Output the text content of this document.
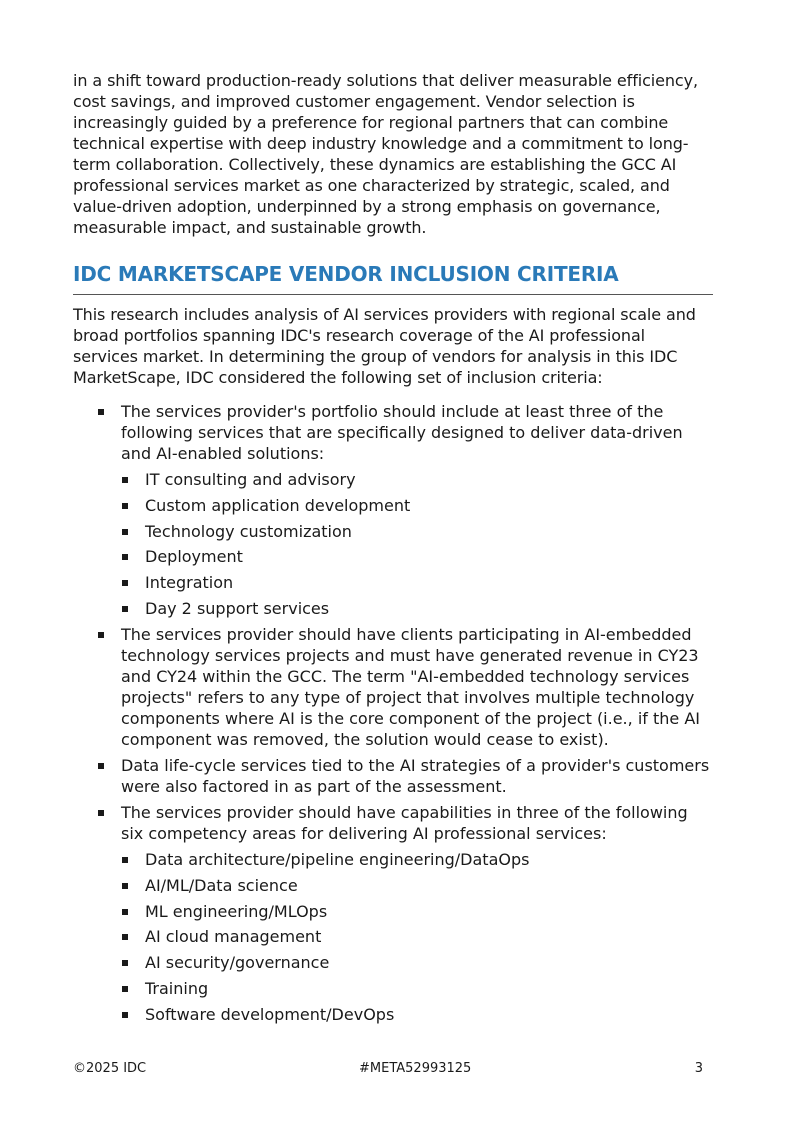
in a shift toward production-ready solutions that deliver measurable efficiency, cost savings, and improved customer engagement. Vendor selection is increasingly guided by a preference for regional partners that can combine technical expertise with deep industry knowledge and a commitment to long-term collaboration. Collectively, these dynamics are establishing the GCC AI professional services market as one characterized by strategic, scaled, and value-driven adoption, underpinned by a strong emphasis on governance, measurable impact, and sustainable growth.

IDC MARKETSCAPE VENDOR INCLUSION CRITERIA

This research includes analysis of AI services providers with regional scale and broad portfolios spanning IDC's research coverage of the AI professional services market. In determining the group of vendors for analysis in this IDC MarketScape, IDC considered the following set of inclusion criteria:

The services provider's portfolio should include at least three of the following services that are specifically designed to deliver data-driven and AI-enabled solutions:
IT consulting and advisory
Custom application development
Technology customization
Deployment
Integration
Day 2 support services
The services provider should have clients participating in AI-embedded technology services projects and must have generated revenue in CY23 and CY24 within the GCC. The term "AI-embedded technology services projects" refers to any type of project that involves multiple technology components where AI is the core component of the project (i.e., if the AI component was removed, the solution would cease to exist).
Data life-cycle services tied to the AI strategies of a provider's customers were also factored in as part of the assessment.
The services provider should have capabilities in three of the following six competency areas for delivering AI professional services:
Data architecture/pipeline engineering/DataOps
AI/ML/Data science
ML engineering/MLOps
AI cloud management
AI security/governance
Training
Software development/DevOps
©2025 IDC	#META52993125	3
